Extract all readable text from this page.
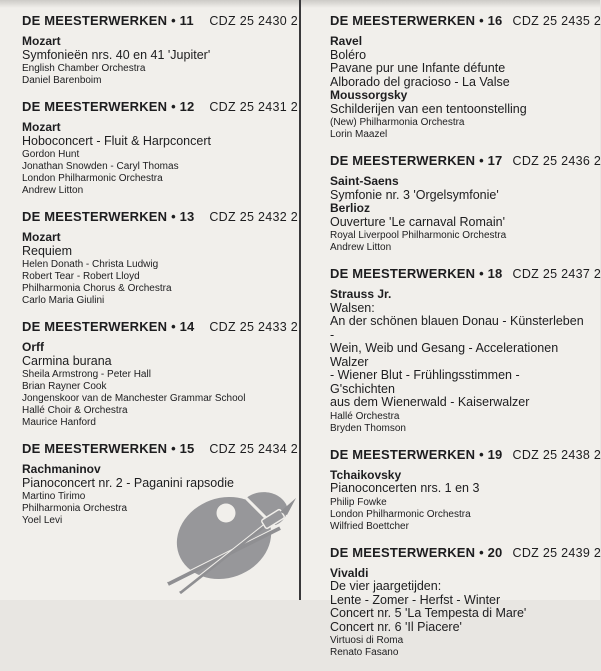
DE MEESTERWERKEN • 11	CDZ 25 2430 2
Mozart
Symfonieën nrs. 40 en 41 'Jupiter'
English Chamber Orchestra
Daniel Barenboim
DE MEESTERWERKEN • 12	CDZ 25 2431 2
Mozart
Hoboconcert - Fluit & Harpconcert
Gordon Hunt
Jonathan Snowden - Caryl Thomas
London Philharmonic Orchestra
Andrew Litton
DE MEESTERWERKEN • 13	CDZ 25 2432 2
Mozart
Requiem
Helen Donath - Christa Ludwig
Robert Tear - Robert Lloyd
Philharmonia Chorus & Orchestra
Carlo Maria Giulini
DE MEESTERWERKEN • 14	CDZ 25 2433 2
Orff
Carmina burana
Sheila Armstrong - Peter Hall
Brian Rayner Cook
Jongenskoor van de Manchester Grammar School
Hallé Choir & Orchestra
Maurice Hanford
DE MEESTERWERKEN • 15	CDZ 25 2434 2
Rachmaninov
Pianoconcert nr. 2 - Paganini rapsodie
Martino Tirimo
Philharmonia Orchestra
Yoel Levi
DE MEESTERWERKEN • 16 CDZ 25 2435 2
Ravel
Boléro
Pavane pur une Infante défunte
Alborado del gracioso - La Valse
Moussorgsky
Schilderijen van een tentoonstelling
(New) Philharmonia Orchestra
Lorin Maazel
DE MEESTERWERKEN • 17 CDZ 25 2436 2
Saint-Saens
Symfonie nr. 3 'Orgelsymfonie'
Berlioz
Ouverture 'Le carnaval Romain'
Royal Liverpool Philharmonic Orchestra
Andrew Litton
DE MEESTERWERKEN • 18 CDZ 25 2437 2
Strauss Jr.
Walsen:
An der schönen blauen Donau - Künsterleben -
Wein, Weib und Gesang - Accelerationen Walzer
- Wiener Blut - Frühlingsstimmen - G'schichten
aus dem Wienerwald - Kaiserwalzer
Hallé Orchestra
Bryden Thomson
DE MEESTERWERKEN • 19 CDZ 25 2438 2
Tchaikovsky
Pianoconcerten nrs. 1 en 3
Philip Fowke
London Philharmonic Orchestra
Wilfried Boettcher
DE MEESTERWERKEN • 20 CDZ 25 2439 2
Vivaldi
De vier jaargetijden:
Lente - Zomer - Herfst - Winter
Concert nr. 5 'La Tempesta di Mare'
Concert nr. 6 'Il Piacere'
Virtuosi di Roma
Renato Fasano
